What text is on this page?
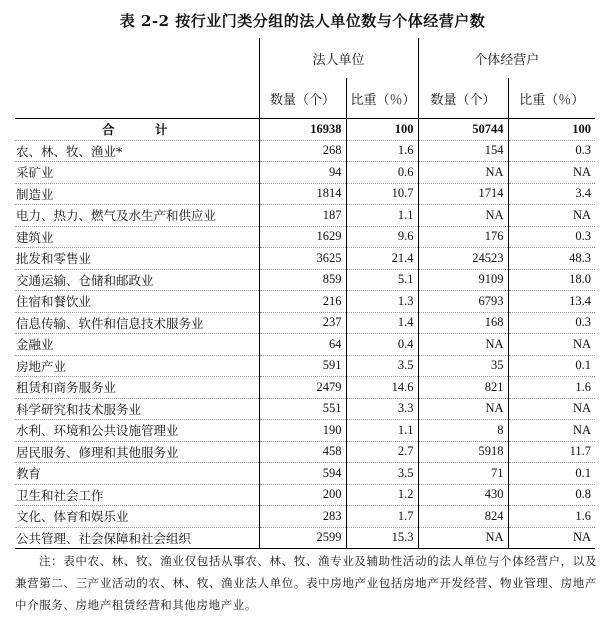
表 2-2 按行业门类分组的法人单位数与个体经营户数
	法人单位		个体经营户	
	数量（个）	比重（％）	数量（个）	比重（％）
合　计	16938	100	50744	100
农、林、牧、渔业*	268	1.6	154	0.3
采矿业	94	0.6	NA	NA
制造业	1814	10.7	1714	3.4
电力、热力、燃气及水生产和供应业	187	1.1	NA	NA
建筑业	1629	9.6	176	0.3
批发和零售业	3625	21.4	24523	48.3
交通运输、仓储和邮政业	859	5.1	9109	18.0
住宿和餐饮业	216	1.3	6793	13.4
信息传输、软件和信息技术服务业	237	1.4	168	0.3
金融业	64	0.4	NA	NA
房地产业	591	3.5	35	0.1
租赁和商务服务业	2479	14.6	821	1.6
科学研究和技术服务业	551	3.3	NA	NA
水利、环境和公共设施管理业	190	1.1	8	NA
居民服务、修理和其他服务业	458	2.7	5918	11.7
教育	594	3.5	71	0.1
卫生和社会工作	200	1.2	430	0.8
文化、体育和娱乐业	283	1.7	824	1.6
公共管理、社会保障和社会组织	2599	15.3	NA	NA
注：表中农、林、牧、渔业仅包括从事农、林、牧、渔专业及辅助性活动的法人单位与个体经营户，以及兼营第二、三产业活动的农、林、牧、渔业法人单位。表中房地产业包括房地产开发经营、物业管理、房地产中介服务、房地产租赁经营和其他房地产业。
